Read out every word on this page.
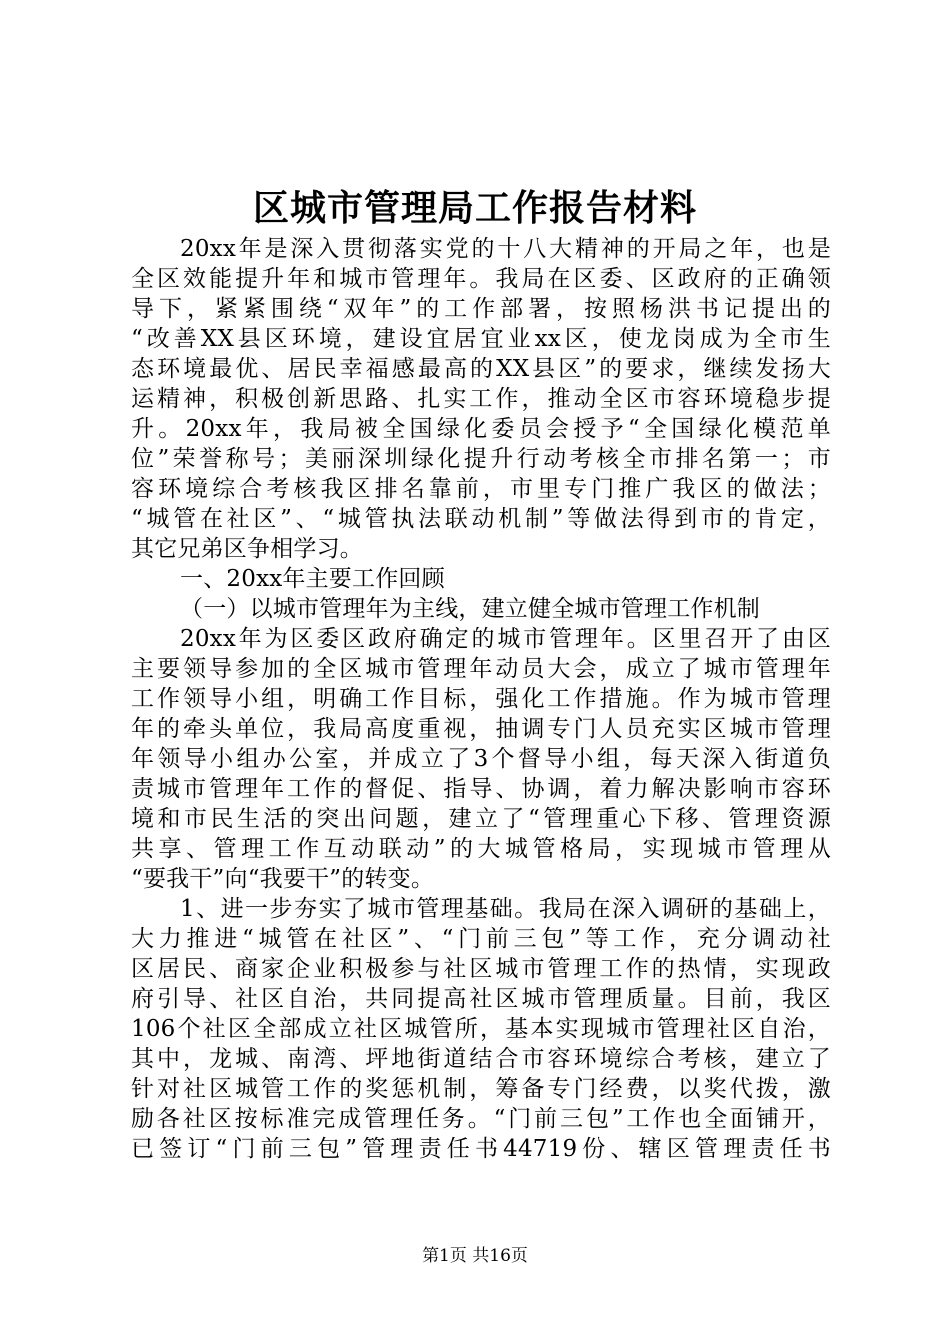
区城市管理局工作报告材料
20xx年是深入贯彻落实党的十八大精神的开局之年，也是
全区效能提升年和城市管理年。我局在区委、区政府的正确领
导下，紧紧围绕“双年”的工作部署，按照杨洪书记提出的
“改善XX县区环境，建设宜居宜业xx区，使龙岗成为全市生
态环境最优、居民幸福感最高的XX县区”的要求，继续发扬大
运精神，积极创新思路、扎实工作，推动全区市容环境稳步提
升。20xx年，我局被全国绿化委员会授予“全国绿化模范单
位”荣誉称号；美丽深圳绿化提升行动考核全市排名第一；市
容环境综合考核我区排名靠前，市里专门推广我区的做法；
“城管在社区”、“城管执法联动机制”等做法得到市的肯定，
其它兄弟区争相学习。
一、20xx年主要工作回顾
（一）以城市管理年为主线，建立健全城市管理工作机制
20xx年为区委区政府确定的城市管理年。区里召开了由区
主要领导参加的全区城市管理年动员大会，成立了城市管理年
工作领导小组，明确工作目标，强化工作措施。作为城市管理
年的牵头单位，我局高度重视，抽调专门人员充实区城市管理
年领导小组办公室，并成立了3个督导小组，每天深入街道负
责城市管理年工作的督促、指导、协调，着力解决影响市容环
境和市民生活的突出问题，建立了“管理重心下移、管理资源
共享、管理工作互动联动”的大城管格局，实现城市管理从
“要我干”向“我要干”的转变。
1、进一步夯实了城市管理基础。我局在深入调研的基础上，
大力推进“城管在社区”、“门前三包”等工作，充分调动社
区居民、商家企业积极参与社区城市管理工作的热情，实现政
府引导、社区自治，共同提高社区城市管理质量。目前，我区
106个社区全部成立社区城管所，基本实现城市管理社区自治，
其中，龙城、南湾、坪地街道结合市容环境综合考核，建立了
针对社区城管工作的奖惩机制，筹备专门经费，以奖代拨，激
励各社区按标准完成管理任务。“门前三包”工作也全面铺开，
已签订“门前三包”管理责任书44719份、辖区管理责任书
第1页 共16页
